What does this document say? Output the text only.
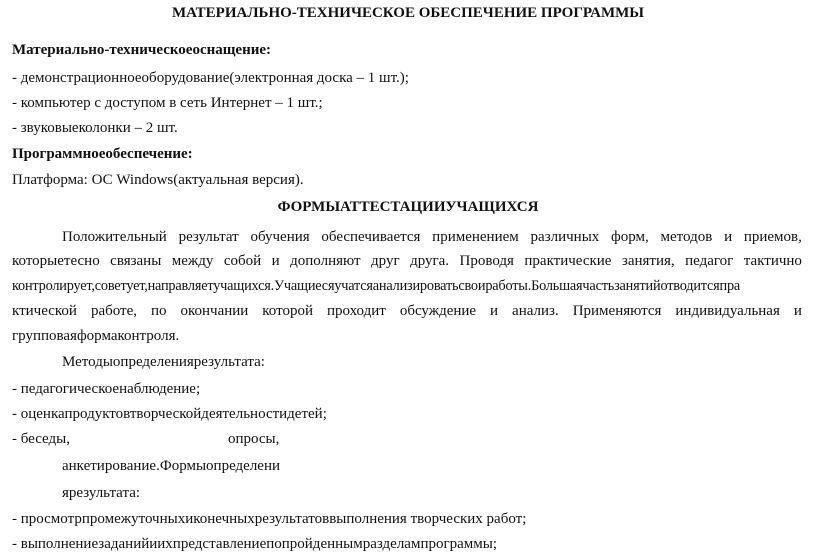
МАТЕРИАЛЬНО-ТЕХНИЧЕСКОЕ ОБЕСПЕЧЕНИЕ ПРОГРАММЫ
Материально-техническоеоснащение:
- демонстрационноеоборудование(электронная доска – 1 шт.);
- компьютер с доступом в сеть Интернет – 1 шт.;
- звуковыеколонки – 2 шт.
Программноеобеспечение:
Платформа: ОС Windows(актуальная версия).
ФОРМЫАТТЕСТАЦИИУЧАЩИХСЯ
Положительный результат обучения обеспечивается применением различных форм, методов и приемов,
которыетесно связаны между собой и дополняют друг друга. Проводя практические занятия, педагог тактично
контролирует,советует,направляетучащихся.Учащиесяучатсяанализироватьсвоиработы.Большаячастьзанятийотводитсяпра
ктической работе, по окончании которой проходит обсуждение и анализ. Применяются индивидуальная и
групповаяформаконтроля.
Методыопределениярезультата:
- педагогическоенаблюдение;
- оценкапродуктовтворческойдеятельностидетей;
- беседы,	опросы,
анкетирование.Формыопределени
ярезультата:
- просмотрпромежуточныхиконечныхрезультатоввыполнения творческих работ;
- выполнениезаданийиихпредставлениепопройденнымразделампрограммы;
